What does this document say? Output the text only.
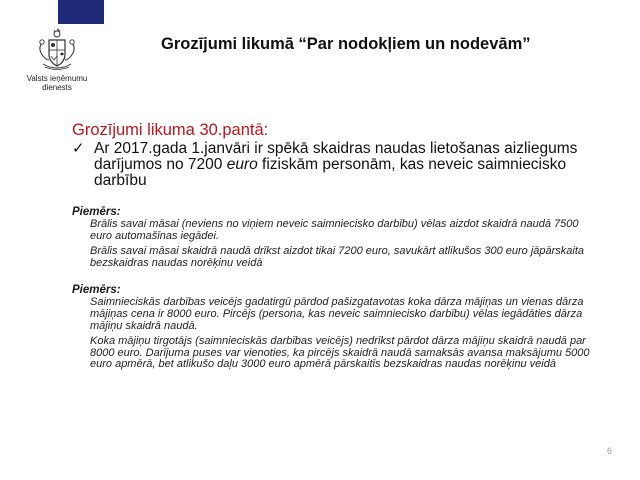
Valsts ieņēmumu
dienests
Grozījumi likumā “Par nodokļiem un nodevām”

Grozījumi likuma 30.pantā:

✓ Ar 2017.gada 1.janvāri ir spēkā skaidras naudas lietošanas aizliegums darījumos no 7200 euro fiziskām personām, kas neveic saimniecisko darbību

Piemērs:

Brālis savai māsai (neviens no viņiem neveic saimniecisko darbību) vēlas aizdot skaidrā naudā 7500 euro automašīnas iegādei.

Brālis savai māsai skaidrā naudā drīkst aizdot tikai 7200 euro, savukārt atlikušos 300 euro jāpārskaita bezskaidras naudas norēķinu veidā

Piemērs:

Saimnieciskās darbības veicējs gadatirgū pārdod pašizgatavotas koka dārza mājiņas un vienas dārza mājiņas cena ir 8000 euro. Pircējs (persona, kas neveic saimniecisko darbību) vēlas iegādāties dārza mājiņu skaidrā naudā.

Koka mājiņu tirgotājs (saimnieciskās darbības veicējs) nedrīkst pārdot dārza mājiņu skaidrā naudā par 8000 euro. Darījuma puses var vienoties, ka pircējs skaidrā naudā samaksās avansa maksājumu 5000 euro apmērā, bet atlikušo daļu 3000 euro apmērā pārskaitīs bezskaidras naudas norēķinu veidā

6
